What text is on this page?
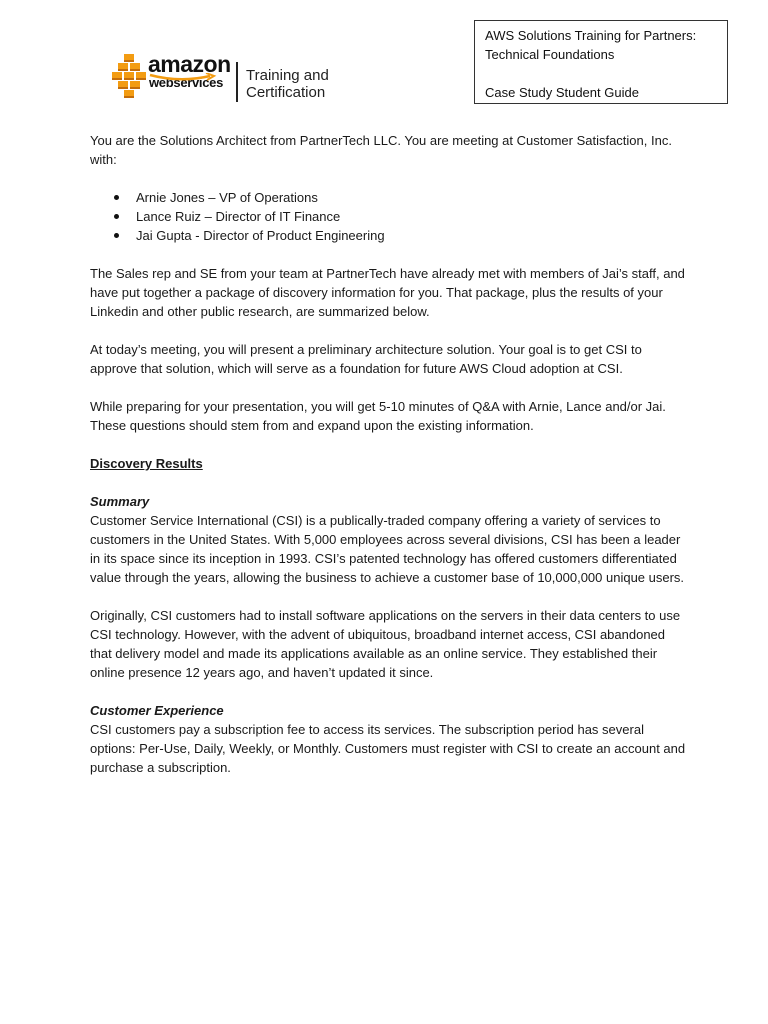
amazon
webservices	Training and
Certification
AWS Solutions Training for Partners:
Technical Foundations
Case Study Student Guide

You are the Solutions Architect from PartnerTech LLC. You are meeting at Customer Satisfaction, Inc. with:

Arnie Jones – VP of Operations
Lance Ruiz – Director of IT Finance
Jai Gupta - Director of Product Engineering

The Sales rep and SE from your team at PartnerTech have already met with members of Jai’s staff, and have put together a package of discovery information for you. That package, plus the results of your Linkedin and other public research, are summarized below.

At today’s meeting, you will present a preliminary architecture solution. Your goal is to get CSI to approve that solution, which will serve as a foundation for future AWS Cloud adoption at CSI.

While preparing for your presentation, you will get 5-10 minutes of Q&A with Arnie, Lance and/or Jai. These questions should stem from and expand upon the existing information.

Discovery Results

Summary

Customer Service International (CSI) is a publically-traded company offering a variety of services to customers in the United States. With 5,000 employees across several divisions, CSI has been a leader in its space since its inception in 1993. CSI’s patented technology has offered customers differentiated value through the years, allowing the business to achieve a customer base of 10,000,000 unique users.

Originally, CSI customers had to install software applications on the servers in their data centers to use CSI technology. However, with the advent of ubiquitous, broadband internet access, CSI abandoned that delivery model and made its applications available as an online service. They established their online presence 12 years ago, and haven’t updated it since.

Customer Experience

CSI customers pay a subscription fee to access its services. The subscription period has several options: Per-Use, Daily, Weekly, or Monthly. Customers must register with CSI to create an account and purchase a subscription.
